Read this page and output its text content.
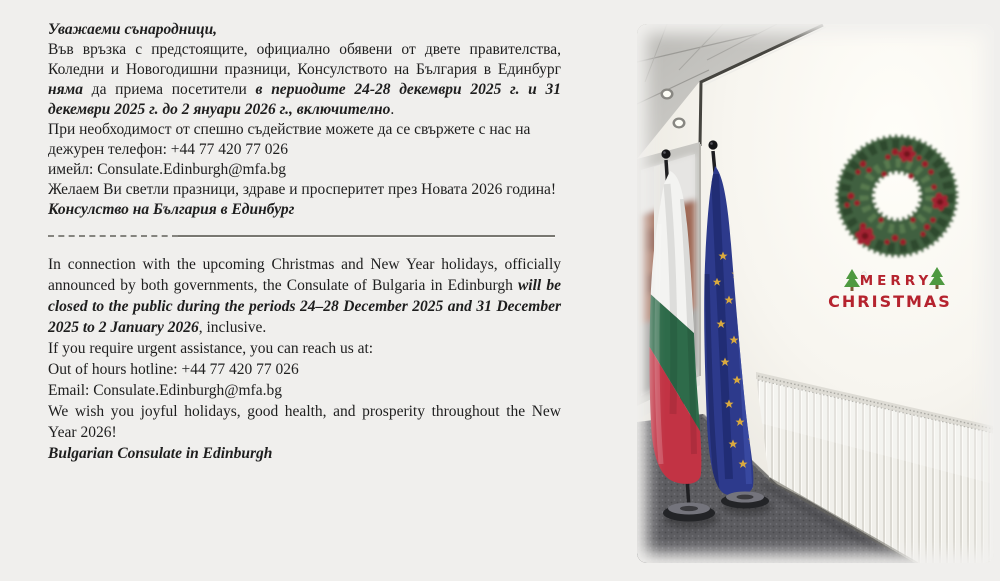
Уважаеми сънародници,

Във връзка с предстоящите, официално обявени от двете правителства, Коледни и Новогодишни празници, Консулството на България в Единбург няма да приема посетители в периодите 24-28 декември 2025 г. и 31 декември 2025 г. до 2 януари 2026 г., включително.

При необходимост от спешно съдействие можете да се свържете с нас на дежурен телефон: +44 77 420 77 026

имейл: Consulate.Edinburgh@mfa.bg

Желаем Ви светли празници, здраве и просперитет през Новата 2026 година!

Консулство на България в Единбург

In connection with the upcoming Christmas and New Year holidays, officially announced by both governments, the Consulate of Bulgaria in Edinburgh will be closed to the public during the periods 24–28 December 2025 and 31 December 2025 to 2 January 2026, inclusive.

If you require urgent assistance, you can reach us at:

Out of hours hotline: +44 77 420 77 026

Email: Consulate.Edinburgh@mfa.bg

We wish you joyful holidays, good health, and prosperity throughout the New Year 2026!

Bulgarian Consulate in Edinburgh

MERRY
CHRISTMAS
